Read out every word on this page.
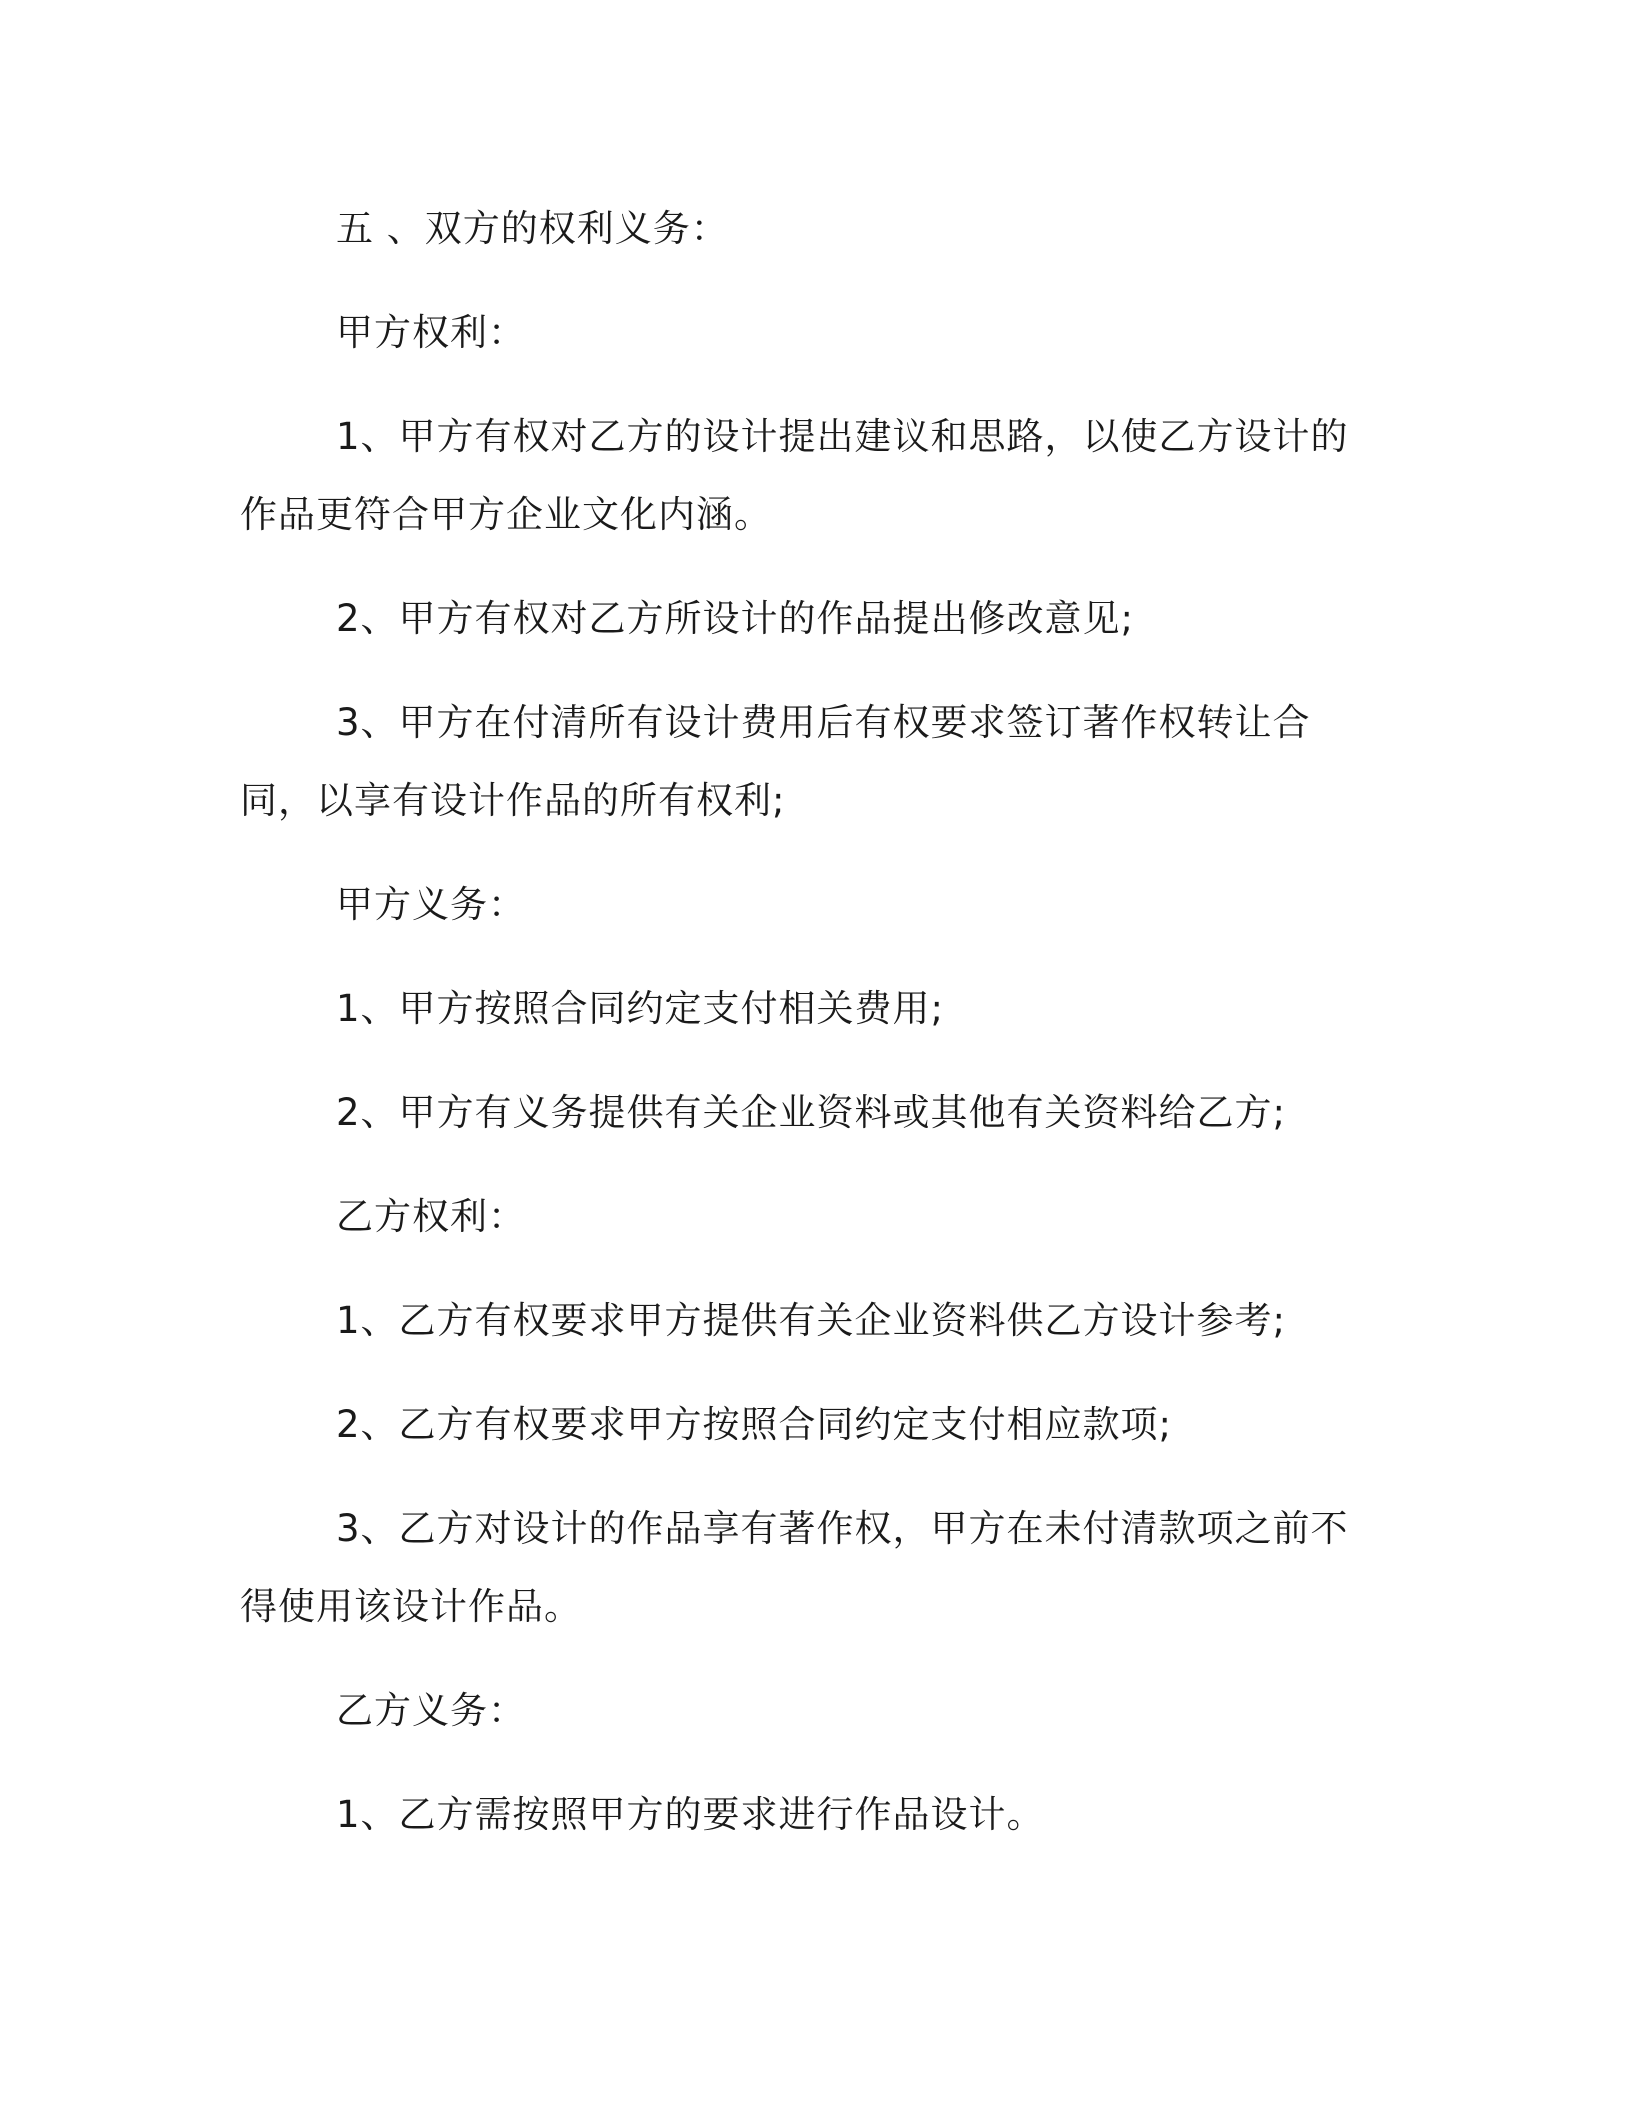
五 、双方的权利义务：

甲方权利：

1、甲方有权对乙方的设计提出建议和思路，以使乙方设计的作品更符合甲方企业文化内涵。

2、甲方有权对乙方所设计的作品提出修改意见;

3、甲方在付清所有设计费用后有权要求签订著作权转让合同，以享有设计作品的所有权利;

甲方义务：

1、甲方按照合同约定支付相关费用;

2、甲方有义务提供有关企业资料或其他有关资料给乙方;

乙方权利：

1、乙方有权要求甲方提供有关企业资料供乙方设计参考;

2、乙方有权要求甲方按照合同约定支付相应款项;

3、乙方对设计的作品享有著作权，甲方在未付清款项之前不得使用该设计作品。

乙方义务：

1、乙方需按照甲方的要求进行作品设计。
